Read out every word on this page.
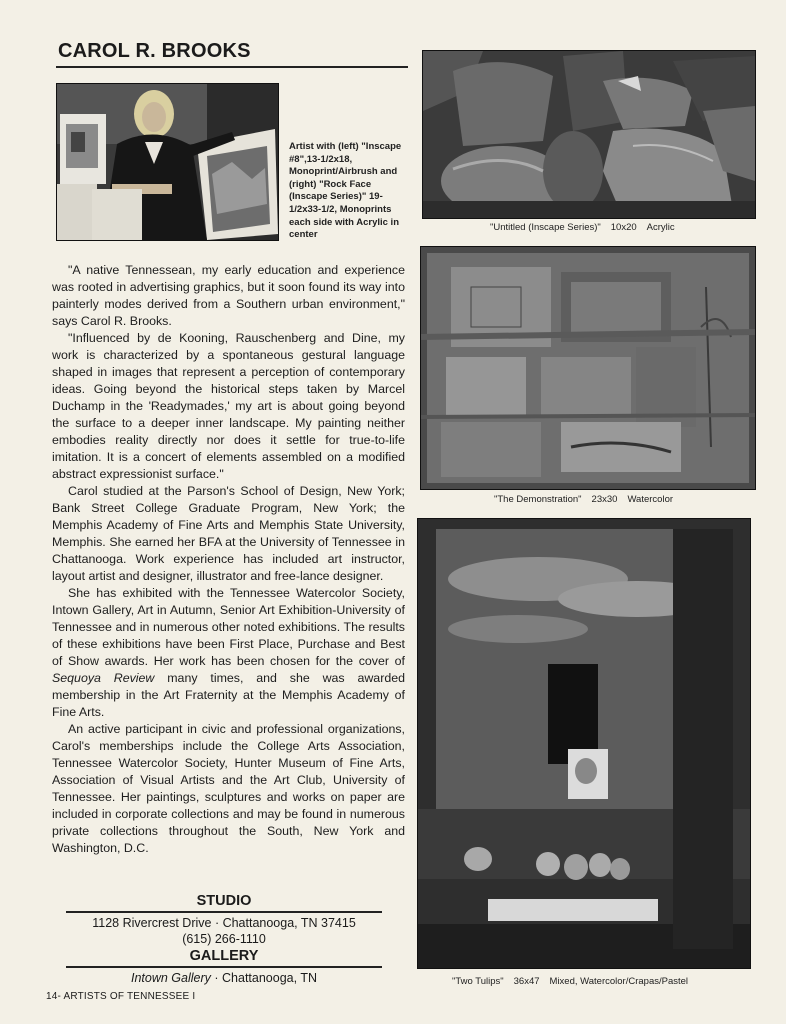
CAROL R. BROOKS
Artist with (left) "Inscape #8",13-1/2x18, Monoprint/Airbrush and (right) "Rock Face (Inscape Series)" 19-1/2x33-1/2, Monoprints each side with Acrylic in center

"A native Tennessean, my early education and experience was rooted in advertising graphics, but it soon found its way into painterly modes derived from a Southern urban environment," says Carol R. Brooks.

"Influenced by de Kooning, Rauschenberg and Dine, my work is characterized by a spontaneous gestural language shaped in images that represent a perception of contemporary ideas. Going beyond the historical steps taken by Marcel Duchamp in the 'Readymades,' my art is about going beyond the surface to a deeper inner landscape. My painting neither embodies reality directly nor does it settle for true-to-life imitation. It is a concert of elements assembled on a modified abstract expressionist surface."

Carol studied at the Parson's School of Design, New York; Bank Street College Graduate Program, New York; the Memphis Academy of Fine Arts and Memphis State University, Memphis. She earned her BFA at the University of Tennessee in Chattanooga. Work experience has included art instructor, layout artist and designer, illustrator and free-lance designer.

She has exhibited with the Tennessee Watercolor Society, Intown Gallery, Art in Autumn, Senior Art Exhibition-University of Tennessee and in numerous other noted exhibitions. The results of these exhibitions have been First Place, Purchase and Best of Show awards. Her work has been chosen for the cover of Sequoya Review many times, and she was awarded membership in the Art Fraternity at the Memphis Academy of Fine Arts.

An active participant in civic and professional organizations, Carol's memberships include the College Arts Association, Tennessee Watercolor Society, Hunter Museum of Fine Arts, Association of Visual Artists and the Art Club, University of Tennessee. Her paintings, sculptures and works on paper are included in corporate collections and may be found in numerous private collections throughout the South, New York and Washington, D.C.

STUDIO
1128 Rivercrest Drive · Chattanooga, TN 37415
(615) 266-1110
GALLERY
Intown Gallery · Chattanooga, TN
14- ARTISTS OF TENNESSEE I
"Untitled (Inscape Series)" 10x20 Acrylic
"The Demonstration" 23x30 Watercolor
"Two Tulips" 36x47 Mixed, Watercolor/Crapas/Pastel
